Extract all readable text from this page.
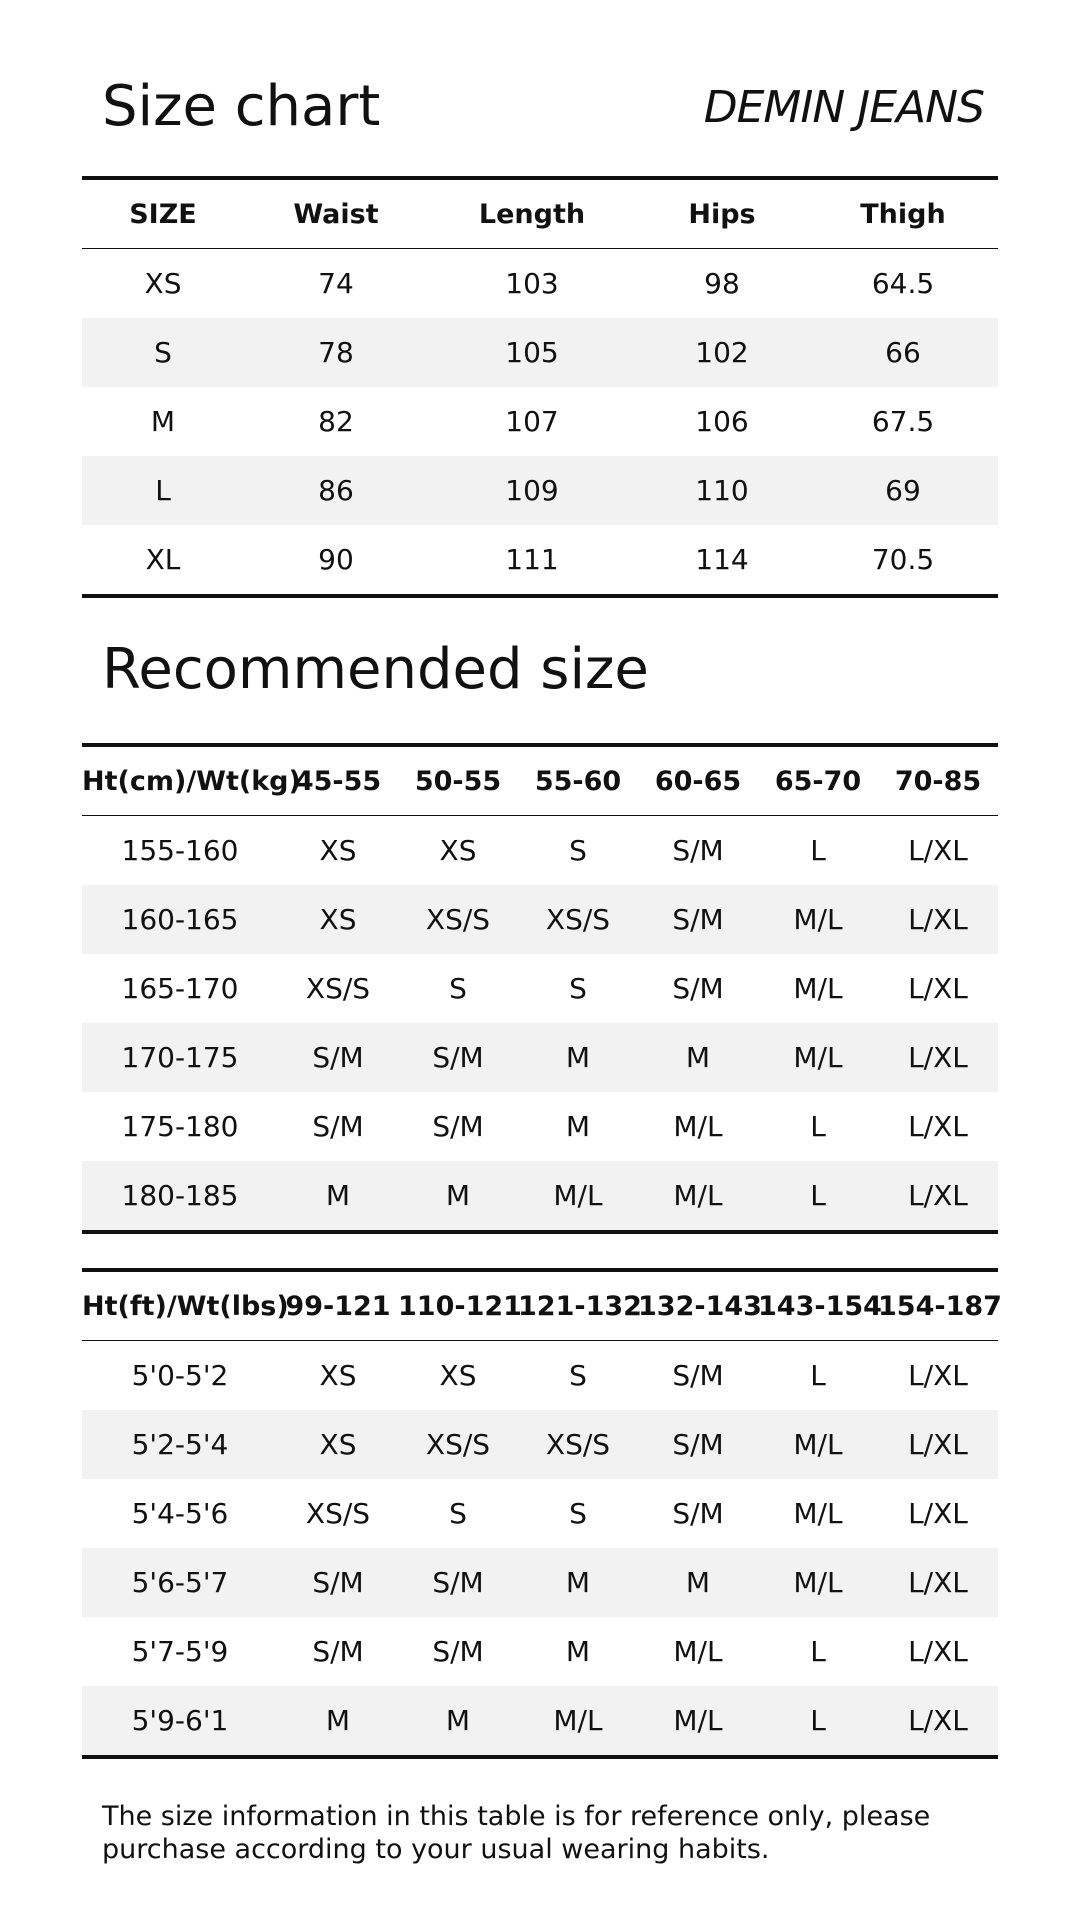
Size chart	DEMIN JEANS
SIZE	Waist	Length	Hips	Thigh
XS	74	103	98	64.5
S	78	105	102	66
M	82	107	106	67.5
L	86	109	110	69
XL	90	111	114	70.5
Recommended size
Ht(cm)/Wt(kg)	45-55	50-55	55-60	60-65	65-70	70-85
155-160	XS	XS	S	S/M	L	L/XL
160-165	XS	XS/S	XS/S	S/M	M/L	L/XL
165-170	XS/S	S	S	S/M	M/L	L/XL
170-175	S/M	S/M	M	M	M/L	L/XL
175-180	S/M	S/M	M	M/L	L	L/XL
180-185	M	M	M/L	M/L	L	L/XL
Ht(ft)/Wt(lbs)	99-121	110-121	121-132	132-143	143-154	154-187
5'0-5'2	XS	XS	S	S/M	L	L/XL
5'2-5'4	XS	XS/S	XS/S	S/M	M/L	L/XL
5'4-5'6	XS/S	S	S	S/M	M/L	L/XL
5'6-5'7	S/M	S/M	M	M	M/L	L/XL
5'7-5'9	S/M	S/M	M	M/L	L	L/XL
5'9-6'1	M	M	M/L	M/L	L	L/XL

The size information in this table is for reference only, please purchase according to your usual wearing habits.
